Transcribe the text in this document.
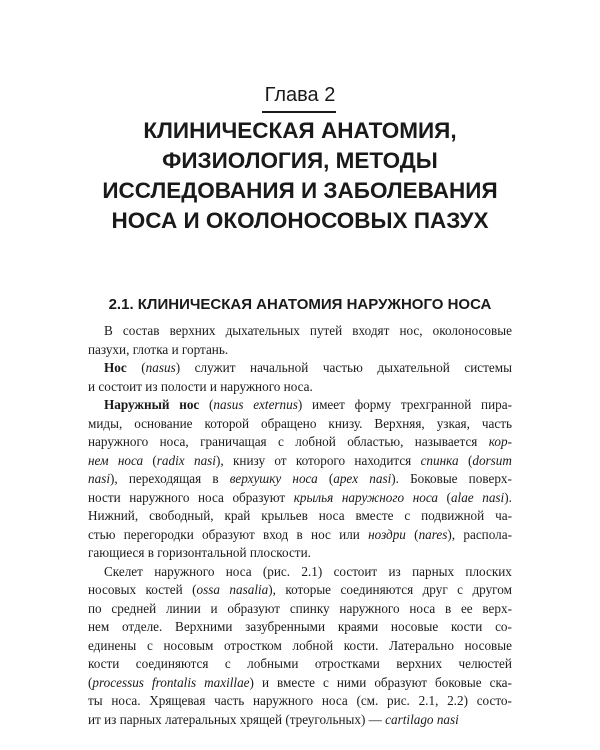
Глава 2
КЛИНИЧЕСКАЯ АНАТОМИЯ,
ФИЗИОЛОГИЯ, МЕТОДЫ
ИССЛЕДОВАНИЯ И ЗАБОЛЕВАНИЯ
НОСА И ОКОЛОНОСОВЫХ ПАЗУХ
2.1. КЛИНИЧЕСКАЯ АНАТОМИЯ НАРУЖНОГО НОСА
В состав верхних дыхательных путей входят нос, околоносовые
пазухи, глотка и гортань.
Нос (nasus) служит начальной частью дыхательной системы
и состоит из полости и наружного носа.
Наружный нос (nasus externus) имеет форму трехгранной пира-
миды, основание которой обращено книзу. Верхняя, узкая, часть
наружного носа, граничащая с лобной областью, называется кор-
нем носа (radix nasi), книзу от которого находится спинка (dorsum
nasi), переходящая в верхушку носа (apex nasi). Боковые поверх-
ности наружного носа образуют крылья наружного носа (alae nasi).
Нижний, свободный, край крыльев носа вместе с подвижной ча-
стью перегородки образуют вход в нос или ноздри (nares), располa-
гающиеся в горизонтальной плоскости.
Скелет наружного носа (рис. 2.1) состоит из парных плоских
носовых костей (ossa nasalia), которые соединяются друг с другом
по средней линии и образуют спинку наружного носа в ее верх-
нем отделе. Верхними зазубренными краями носовые кости со-
единены с носовым отростком лобной кости. Латерально носовые
кости соединяются с лобными отростками верхних челюстей
(processus frontalis maxillae) и вместе с ними образуют боковые ска-
ты носа. Хрящевая часть наружного носа (см. рис. 2.1, 2.2) состо-
ит из парных латеральных хрящей (треугольных) — cartilago nasi
